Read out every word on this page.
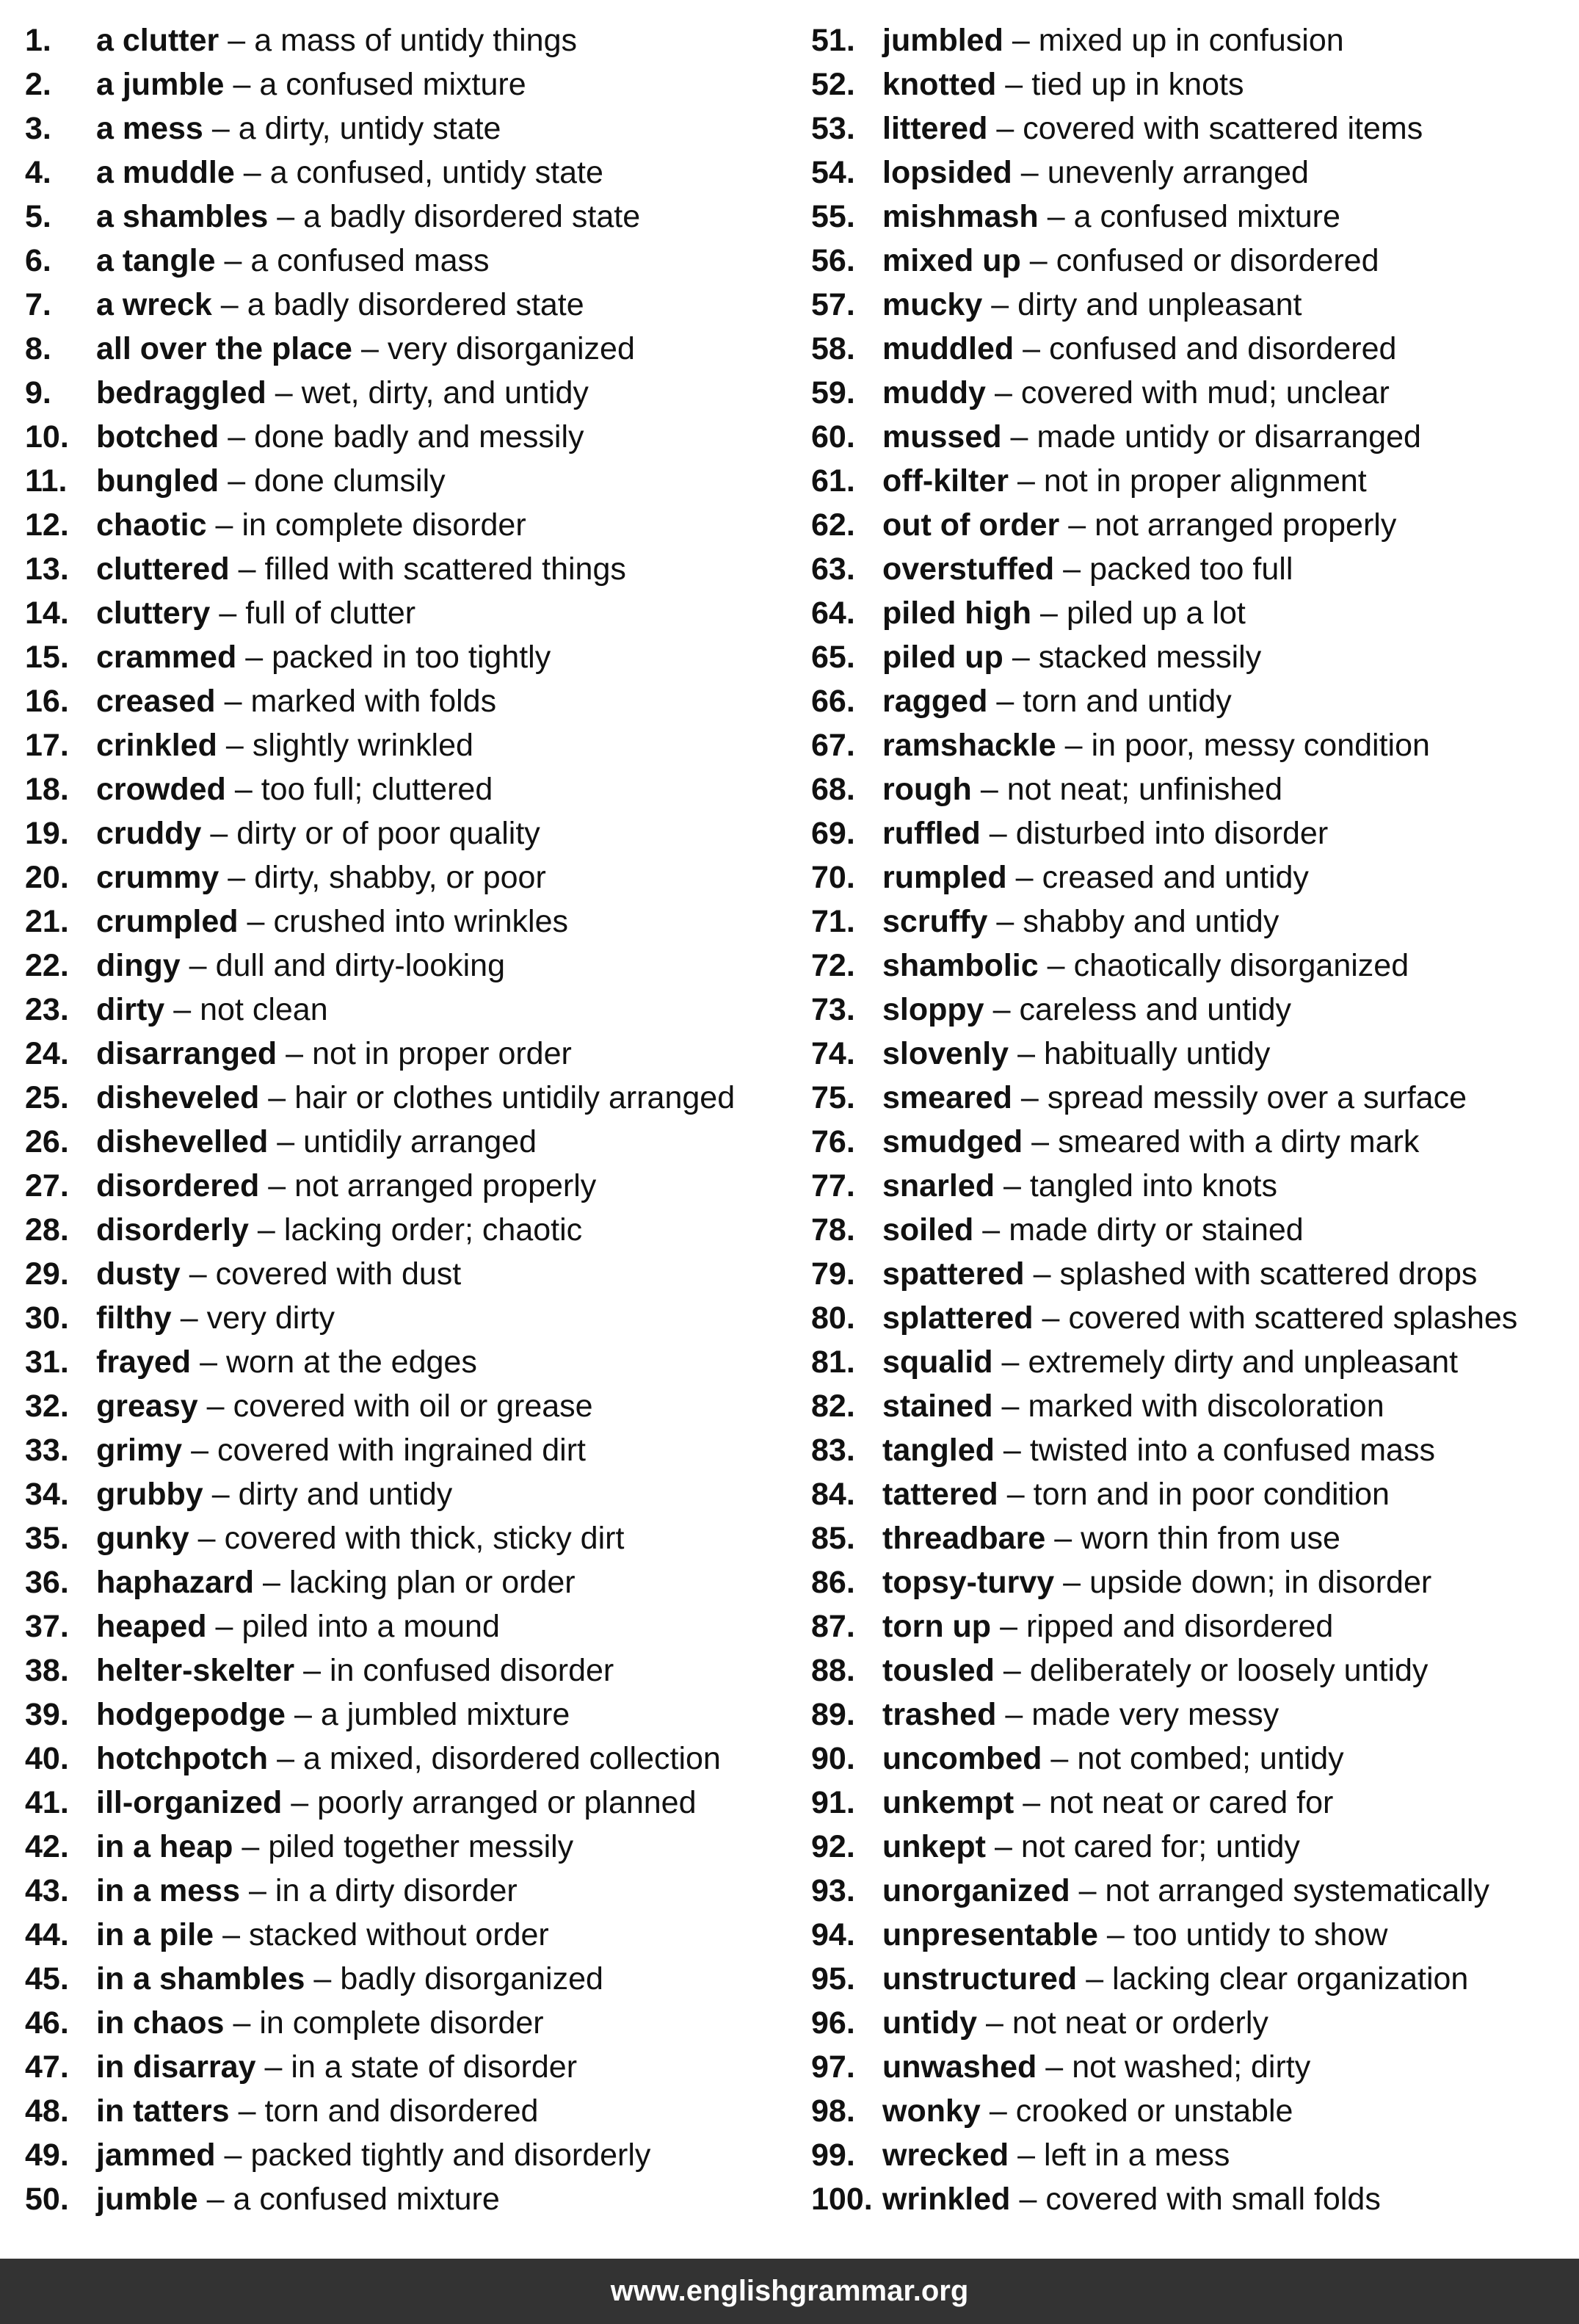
1.	a clutter – a mass of untidy things
2.	a jumble – a confused mixture
3.	a mess – a dirty, untidy state
4.	a muddle – a confused, untidy state
5.	a shambles – a badly disordered state
6.	a tangle – a confused mass
7.	a wreck – a badly disordered state
8.	all over the place – very disorganized
9.	bedraggled – wet, dirty, and untidy
10. botched – done badly and messily
11. bungled – done clumsily
12. chaotic – in complete disorder
13. cluttered – filled with scattered things
14. cluttery – full of clutter
15. crammed – packed in too tightly
16. creased – marked with folds
17. crinkled – slightly wrinkled
18. crowded – too full; cluttered
19. cruddy – dirty or of poor quality
20. crummy – dirty, shabby, or poor
21. crumpled – crushed into wrinkles
22. dingy – dull and dirty-looking
23. dirty – not clean
24. disarranged – not in proper order
25. disheveled – hair or clothes untidily arranged
26. dishevelled – untidily arranged
27. disordered – not arranged properly
28. disorderly – lacking order; chaotic
29. dusty – covered with dust
30. filthy – very dirty
31. frayed – worn at the edges
32. greasy – covered with oil or grease
33. grimy – covered with ingrained dirt
34. grubby – dirty and untidy
35. gunky – covered with thick, sticky dirt
36. haphazard – lacking plan or order
37. heaped – piled into a mound
38. helter-skelter – in confused disorder
39. hodgepodge – a jumbled mixture
40. hotchpotch – a mixed, disordered collection
41. ill-organized – poorly arranged or planned
42. in a heap – piled together messily
43. in a mess – in a dirty disorder
44. in a pile – stacked without order
45. in a shambles – badly disorganized
46. in chaos – in complete disorder
47. in disarray – in a state of disorder
48. in tatters – torn and disordered
49. jammed – packed tightly and disorderly
50. jumble – a confused mixture
51. jumbled – mixed up in confusion
52. knotted – tied up in knots
53. littered – covered with scattered items
54. lopsided – unevenly arranged
55. mishmash – a confused mixture
56. mixed up – confused or disordered
57. mucky – dirty and unpleasant
58. muddled – confused and disordered
59. muddy – covered with mud; unclear
60. mussed – made untidy or disarranged
61. off-kilter – not in proper alignment
62. out of order – not arranged properly
63. overstuffed – packed too full
64. piled high – piled up a lot
65. piled up – stacked messily
66. ragged – torn and untidy
67. ramshackle – in poor, messy condition
68. rough – not neat; unfinished
69. ruffled – disturbed into disorder
70. rumpled – creased and untidy
71. scruffy – shabby and untidy
72. shambolic – chaotically disorganized
73. sloppy – careless and untidy
74. slovenly – habitually untidy
75. smeared – spread messily over a surface
76. smudged – smeared with a dirty mark
77. snarled – tangled into knots
78. soiled – made dirty or stained
79. spattered – splashed with scattered drops
80. splattered – covered with scattered splashes
81. squalid – extremely dirty and unpleasant
82. stained – marked with discoloration
83. tangled – twisted into a confused mass
84. tattered – torn and in poor condition
85. threadbare – worn thin from use
86. topsy-turvy – upside down; in disorder
87. torn up – ripped and disordered
88. tousled – deliberately or loosely untidy
89. trashed – made very messy
90. uncombed – not combed; untidy
91. unkempt – not neat or cared for
92. unkept – not cared for; untidy
93. unorganized – not arranged systematically
94. unpresentable – too untidy to show
95. unstructured – lacking clear organization
96. untidy – not neat or orderly
97. unwashed – not washed; dirty
98. wonky – crooked or unstable
99. wrecked – left in a mess
100. wrinkled – covered with small folds
www.englishgrammar.org
